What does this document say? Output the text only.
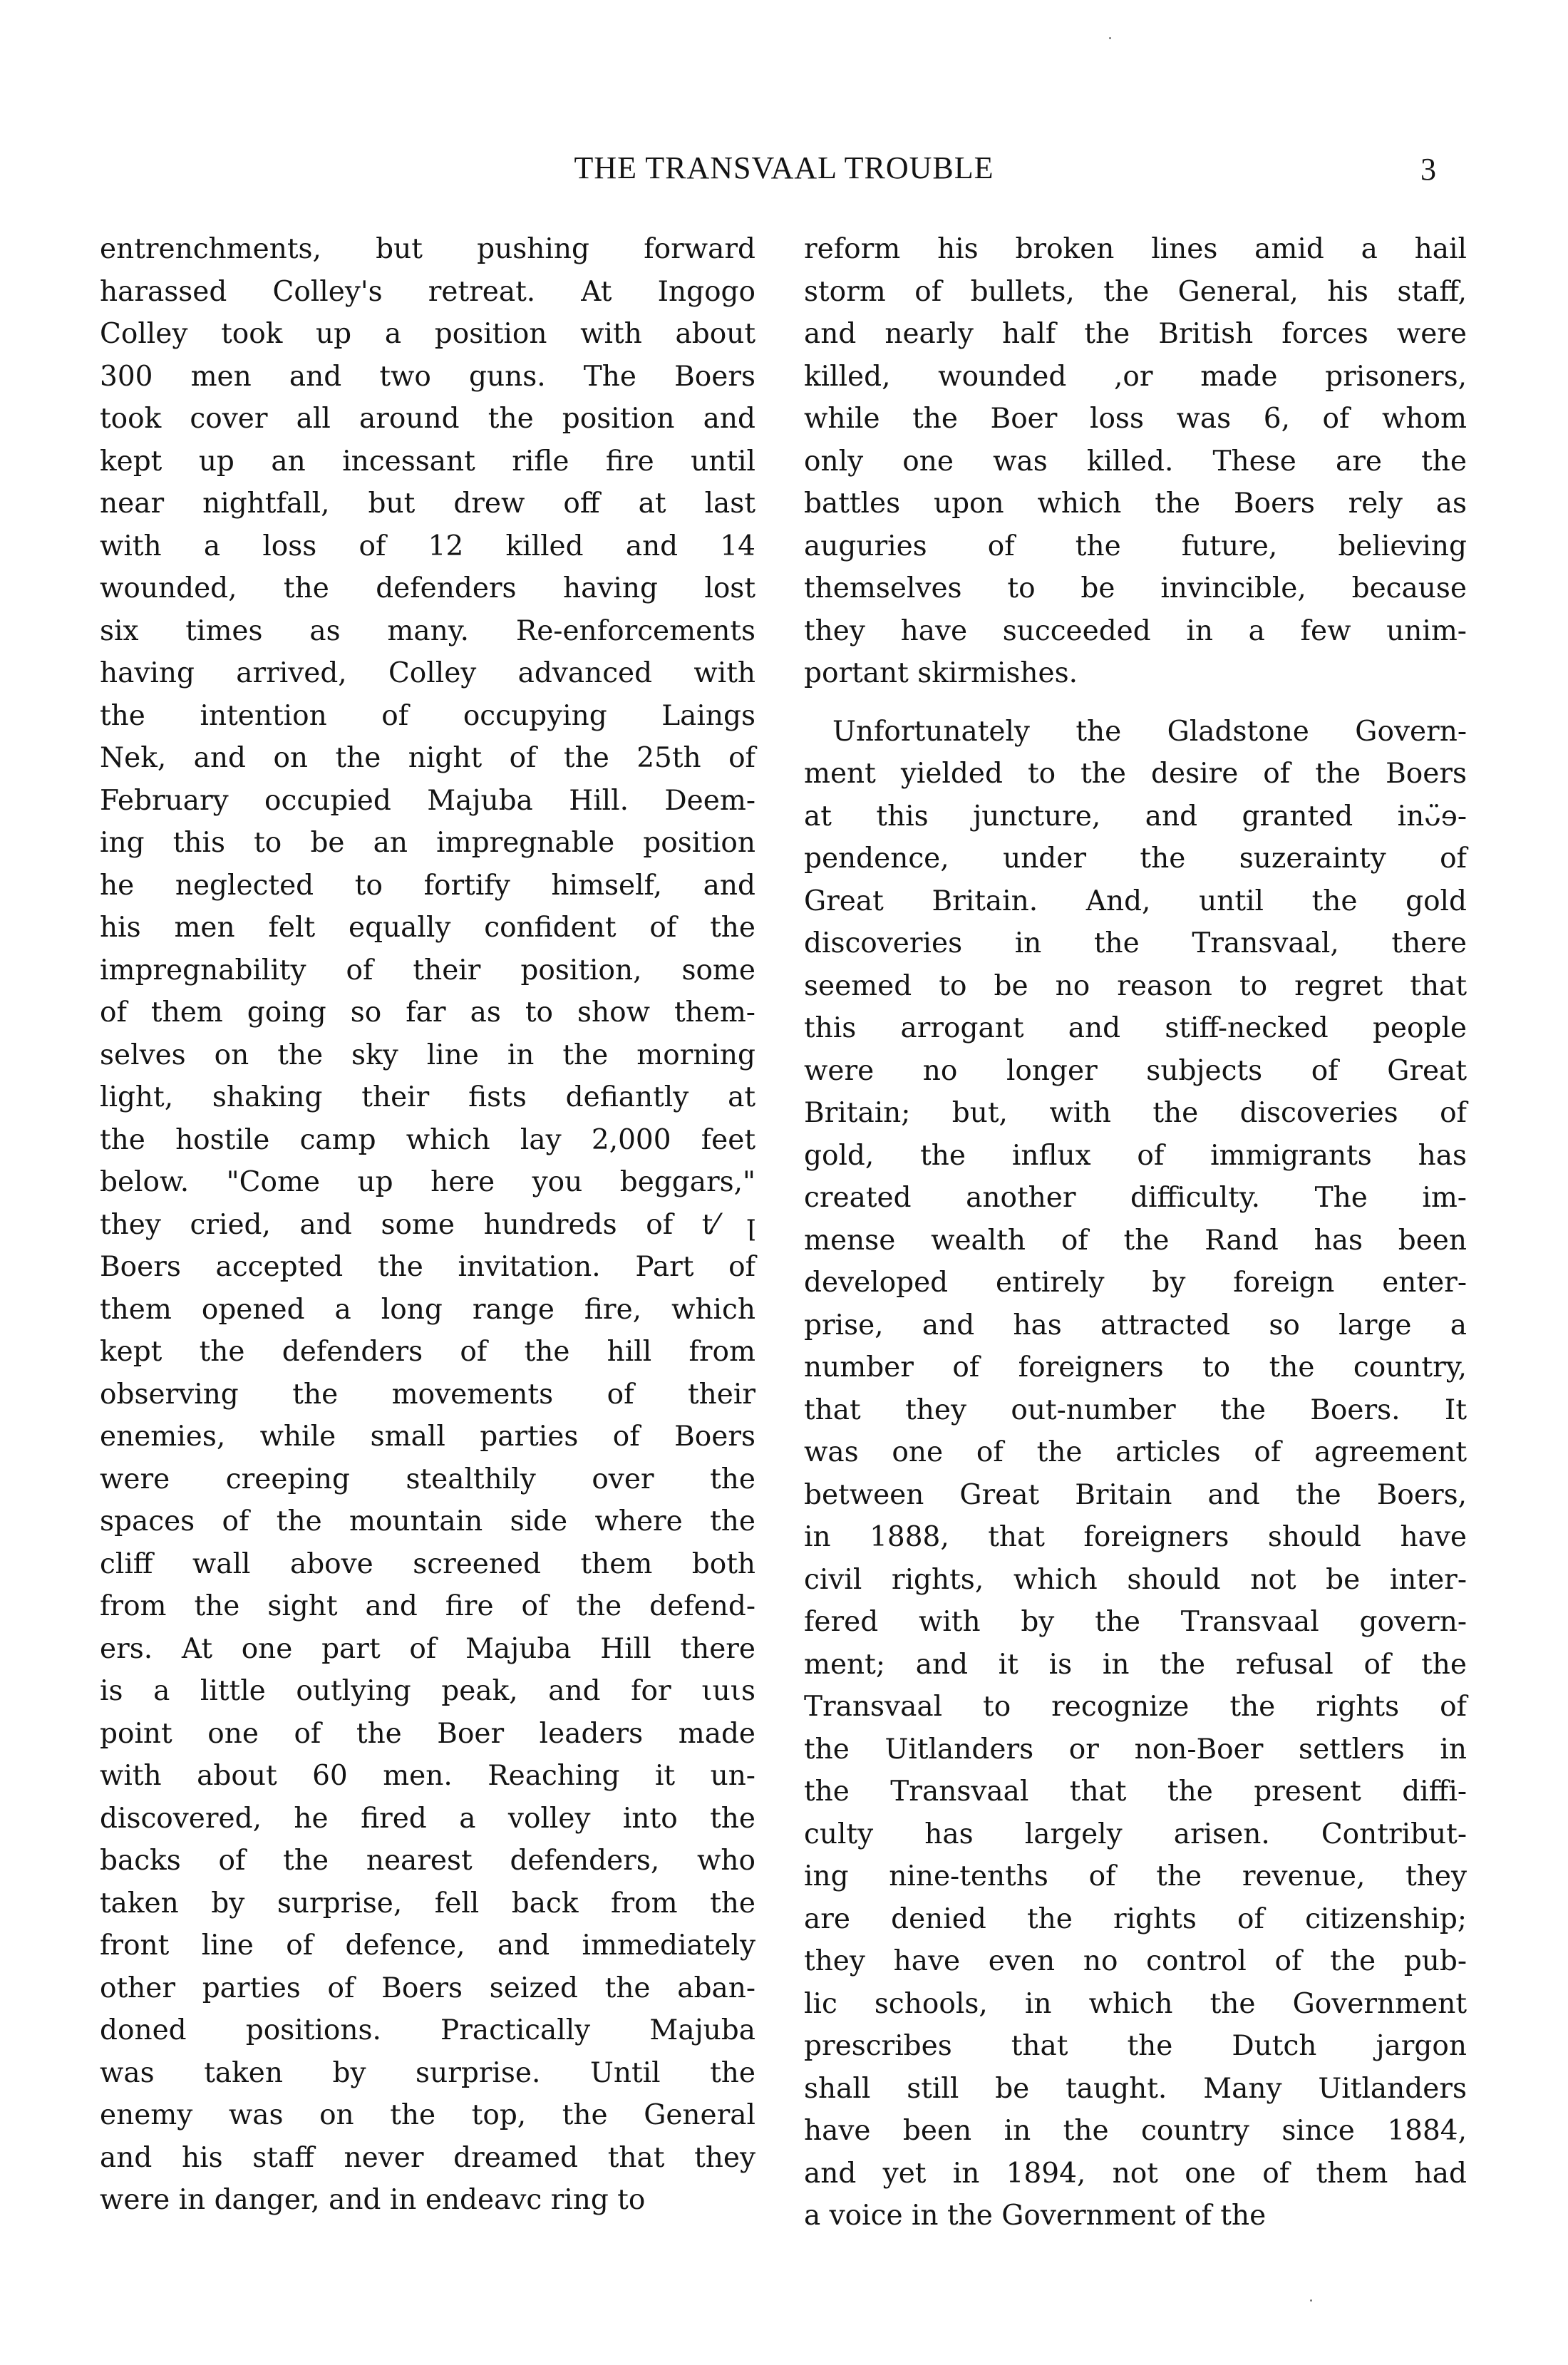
THE TRANSVAAL TROUBLE	3
entrenchments, but pushing forward
harassed Colley's retreat. At Ingogo
Colley took up a position with about
300 men and two guns. The Boers
took cover all around the position and
kept up an incessant rifle fire until
near nightfall, but drew off at last
with a loss of 12 killed and 14
wounded, the defenders having lost
six times as many. Re-enforcements
having arrived, Colley advanced with
the intention of occupying Laings
Nek, and on the night of the 25th of
February occupied Majuba Hill. Deem-
ing this to be an impregnable position
he neglected to fortify himself, and
his men felt equally confident of the
impregnability of their position, some
of them going so far as to show them-
selves on the sky line in the morning
light, shaking their fists defiantly at
the hostile camp which lay 2,000 feet
below. "Come up here you beggars,"
they cried, and some hundreds of t⁄ ꞁ
Boers accepted the invitation. Part of
them opened a long range fire, which
kept the defenders of the hill from
observing the movements of their
enemies, while small parties of Boers
were creeping stealthily over the
spaces of the mountain side where the
cliff wall above screened them both
from the sight and fire of the defend-
ers. At one part of Majuba Hill there
is a little outlying peak, and for ιuιs
point one of the Boer leaders made
with about 60 men. Reaching it un-
discovered, he fired a volley into the
backs of the nearest defenders, who
taken by surprise, fell back from the
front line of defence, and immediately
other parties of Boers seized the aban-
doned positions. Practically Majuba
was taken by surprise. Until the
enemy was on the top, the General
and his staff never dreamed that they
were in danger, and in endeavc ring to
reform his broken lines amid a hail
storm of bullets, the General, his staff,
and nearly half the British forces were
killed, wounded ,or made prisoners,
while the Boer loss was 6, of whom
only one was killed. These are the
battles upon which the Boers rely as
auguries of the future, believing
themselves to be invincible, because
they have succeeded in a few unim-
portant skirmishes.
Unfortunately the Gladstone Govern-
ment yielded to the desire of the Boers
at this juncture, and granted inᴗ̈ɘ-
pendence, under the suzerainty of
Great Britain. And, until the gold
discoveries in the Transvaal, there
seemed to be no reason to regret that
this arrogant and stiff-necked people
were no longer subjects of Great
Britain; but, with the discoveries of
gold, the influx of immigrants has
created another difficulty. The im-
mense wealth of the Rand has been
developed entirely by foreign enter-
prise, and has attracted so large a
number of foreigners to the country,
that they out-number the Boers. It
was one of the articles of agreement
between Great Britain and the Boers,
in 1888, that foreigners should have
civil rights, which should not be inter-
fered with by the Transvaal govern-
ment; and it is in the refusal of the
Transvaal to recognize the rights of
the Uitlanders or non-Boer settlers in
the Transvaal that the present diffi-
culty has largely arisen. Contribut-
ing nine-tenths of the revenue, they
are denied the rights of citizenship;
they have even no control of the pub-
lic schools, in which the Government
prescribes that the Dutch jargon
shall still be taught. Many Uitlanders
have been in the country since 1884,
and yet in 1894, not one of them had
a voice in the Government of the
